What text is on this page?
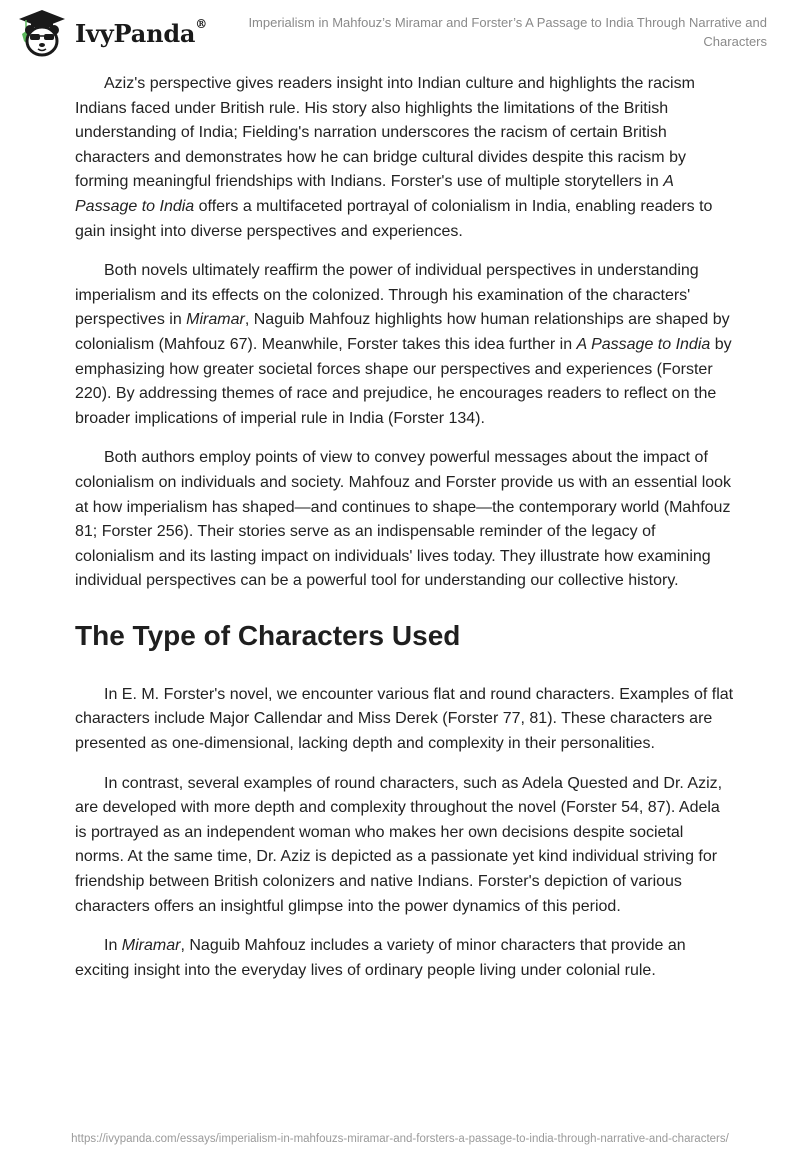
IvyPanda®	Imperialism in Mahfouz’s Miramar and Forster’s A Passage to India Through Narrative and Characters

Aziz's perspective gives readers insight into Indian culture and highlights the racism Indians faced under British rule. His story also highlights the limitations of the British understanding of India; Fielding's narration underscores the racism of certain British characters and demonstrates how he can bridge cultural divides despite this racism by forming meaningful friendships with Indians. Forster's use of multiple storytellers in A Passage to India offers a multifaceted portrayal of colonialism in India, enabling readers to gain insight into diverse perspectives and experiences.

Both novels ultimately reaffirm the power of individual perspectives in understanding imperialism and its effects on the colonized. Through his examination of the characters' perspectives in Miramar, Naguib Mahfouz highlights how human relationships are shaped by colonialism (Mahfouz 67). Meanwhile, Forster takes this idea further in A Passage to India by emphasizing how greater societal forces shape our perspectives and experiences (Forster 220). By addressing themes of race and prejudice, he encourages readers to reflect on the broader implications of imperial rule in India (Forster 134).

Both authors employ points of view to convey powerful messages about the impact of colonialism on individuals and society. Mahfouz and Forster provide us with an essential look at how imperialism has shaped—and continues to shape—the contemporary world (Mahfouz 81; Forster 256). Their stories serve as an indispensable reminder of the legacy of colonialism and its lasting impact on individuals' lives today. They illustrate how examining individual perspectives can be a powerful tool for understanding our collective history.

The Type of Characters Used

In E. M. Forster's novel, we encounter various flat and round characters. Examples of flat characters include Major Callendar and Miss Derek (Forster 77, 81). These characters are presented as one-dimensional, lacking depth and complexity in their personalities.

In contrast, several examples of round characters, such as Adela Quested and Dr. Aziz, are developed with more depth and complexity throughout the novel (Forster 54, 87). Adela is portrayed as an independent woman who makes her own decisions despite societal norms. At the same time, Dr. Aziz is depicted as a passionate yet kind individual striving for friendship between British colonizers and native Indians. Forster's depiction of various characters offers an insightful glimpse into the power dynamics of this period.

In Miramar, Naguib Mahfouz includes a variety of minor characters that provide an exciting insight into the everyday lives of ordinary people living under colonial rule.

https://ivypanda.com/essays/imperialism-in-mahfouzs-miramar-and-forsters-a-passage-to-india-through-narrative-and-characters/
